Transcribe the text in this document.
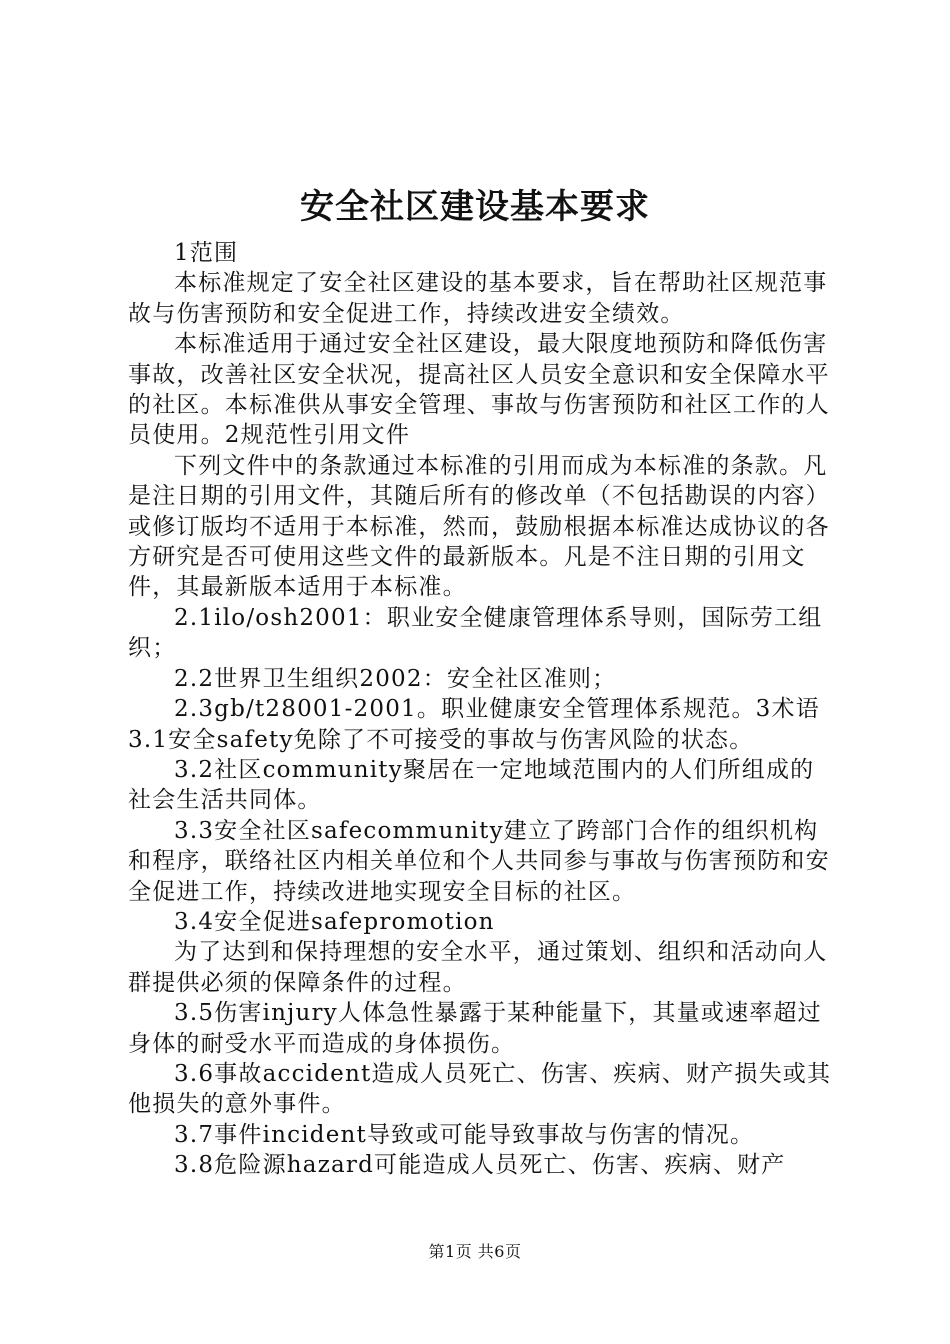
安全社区建设基本要求

1范围

本标准规定了安全社区建设的基本要求，旨在帮助社区规范事故与伤害预防和安全促进工作，持续改进安全绩效。

本标准适用于通过安全社区建设，最大限度地预防和降低伤害事故，改善社区安全状况，提高社区人员安全意识和安全保障水平的社区。本标准供从事安全管理、事故与伤害预防和社区工作的人员使用。2规范性引用文件

下列文件中的条款通过本标准的引用而成为本标准的条款。凡是注日期的引用文件，其随后所有的修改单（不包括勘误的内容）或修订版均不适用于本标准，然而，鼓励根据本标准达成协议的各方研究是否可使用这些文件的最新版本。凡是不注日期的引用文件，其最新版本适用于本标准。

2.1ilo/osh2001：职业安全健康管理体系导则，国际劳工组织；

2.2世界卫生组织2002：安全社区准则；

2.3gb/t28001-2001。职业健康安全管理体系规范。3术语3.1安全safety免除了不可接受的事故与伤害风险的状态。

3.2社区community聚居在一定地域范围内的人们所组成的社会生活共同体。

3.3安全社区safecommunity建立了跨部门合作的组织机构和程序，联络社区内相关单位和个人共同参与事故与伤害预防和安全促进工作，持续改进地实现安全目标的社区。

3.4安全促进safepromotion

为了达到和保持理想的安全水平，通过策划、组织和活动向人群提供必须的保障条件的过程。

3.5伤害injury人体急性暴露于某种能量下，其量或速率超过身体的耐受水平而造成的身体损伤。

3.6事故accident造成人员死亡、伤害、疾病、财产损失或其他损失的意外事件。

3.7事件incident导致或可能导致事故与伤害的情况。

3.8危险源hazard可能造成人员死亡、伤害、疾病、财产

第1页 共6页
